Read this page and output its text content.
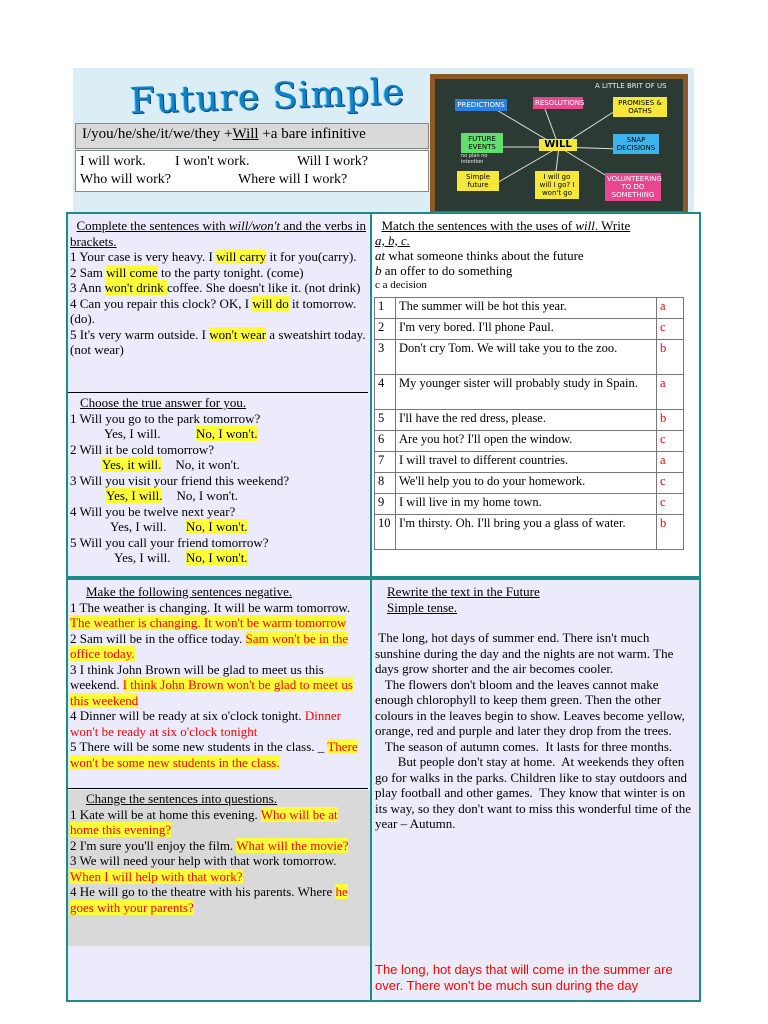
Future Simple
I/you/he/she/it/we/they +Will +a bare infinitive
I will work. I won't work.	Will I work?
Who will work?	Where will I work?
A LITTLE BRIT OF US
PREDICTIONS	RESOLUTIONS	PROMISES & OATHS
FUTURE EVENTS
no plan no intention
WILL	SNAP DECISIONS
Simple future
I will go will I go? I won't go
VOLUNTEERING TO DO SOMETHING
Complete the sentences with will/won't and the verbs in brackets.
1 Your case is very heavy. I will carry it for you(carry).
2 Sam will come to the party tonight. (come)
3 Ann won't drink coffee. She doesn't like it. (not drink)
4 Can you repair this clock? OK, I will do it tomorrow. (do).
5 It's very warm outside. I won't wear a sweatshirt today. (not wear)
Choose the true answer for you.
1 Will you go to the park tomorrow?
Yes, I will.	No, I won't.
2 Will it be cold tomorrow?
Yes, it will. No, it won't.
3 Will you visit your friend this weekend?
Yes, I will. No, I won't.
4 Will you be twelve next year?
Yes, I will. No, I won't.
5 Will you call your friend tomorrow?
Yes, I will. No, I won't.
Match the sentences with the uses of will. Write
a, b, c.
at what someone thinks about the future
b an offer to do something
c a decision
1	The summer will be hot this year.	a
2	I'm very bored. I'll phone Paul.	c
3	Don't cry Tom. We will take you to the zoo.	b
4	My younger sister will probably study in Spain.	a
5	I'll have the red dress, please.	b
6	Are you hot? I'll open the window.	c
7	I will travel to different countries.	a
8	We'll help you to do your homework.	c
9	I will live in my home town.	c
10	I'm thirsty. Oh. I'll bring you a glass of water.	b
Make the following sentences negative.
1 The weather is changing. It will be warm tomorrow. The weather is changing. It won't be warm tomorrow
2 Sam will be in the office today. Sam won't be in the office today.
3 I think John Brown will be glad to meet us this weekend. I think John Brown won't be glad to meet us this weekend
4 Dinner will be ready at six o'clock tonight. Dinner won't be ready at six o'clock tonight
5 There will be some new students in the class. _ There won't be some new students in the class.
Change the sentences into questions.
1 Kate will be at home this evening. Who will be at home this evening?
2 I'm sure you'll enjoy the film. What will the movie?
3 We will need your help with that work tomorrow. When I will help with that work?
4 He will go to the theatre with his parents. Where he goes with your parents?
Rewrite the text in the Future
Simple tense.
The long, hot days of summer end. There isn't much sunshine during the day and the nights are not warm. The days grow shorter and the air becomes cooler.
The flowers don't bloom and the leaves cannot make enough chlorophyll to keep them green. Then the other colours in the leaves begin to show. Leaves become yellow, orange, red and purple and later they drop from the trees.
The season of autumn comes.  It lasts for three months.
But people don't stay at home.  At weekends they often go for walks in the parks. Children like to stay outdoors and play football and other games.  They know that winter is on its way, so they don't want to miss this wonderful time of the year – Autumn.
The long, hot days that will come in the summer are over. There won't be much sun during the day
